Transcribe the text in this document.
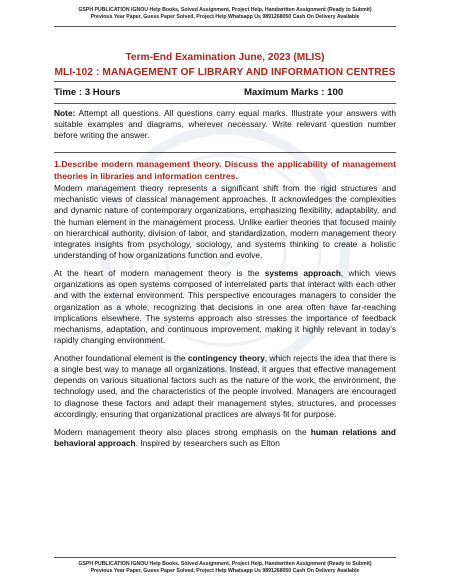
GSPH PUBLICATION IGNOU Help Books, Solved Assignment, Project Help, Handwritten Assignment (Ready to Submit)
Previous Year Paper, Guess Paper Solved, Project Help Whatsapp Us 9891268050 Cash On Delivery Available
Term-End Examination June, 2023 (MLIS)
MLI-102 : MANAGEMENT OF LIBRARY AND INFORMATION CENTRES
Time : 3 Hours	Maximum Marks : 100
Note: Attempt all questions. All questions carry equal marks. Illustrate your answers with suitable examples and diagrams, wherever necessary. Write relevant question number before writing the answer.
1.Describe modern management theory. Discuss the applicability of management theories in libraries and information centres.

Modern management theory represents a significant shift from the rigid structures and mechanistic views of classical management approaches. It acknowledges the complexities and dynamic nature of contemporary organizations, emphasizing flexibility, adaptability, and the human element in the management process. Unlike earlier theories that focused mainly on hierarchical authority, division of labor, and standardization, modern management theory integrates insights from psychology, sociology, and systems thinking to create a holistic understanding of how organizations function and evolve.

At the heart of modern management theory is the systems approach, which views organizations as open systems composed of interrelated parts that interact with each other and with the external environment. This perspective encourages managers to consider the organization as a whole, recognizing that decisions in one area often have far-reaching implications elsewhere. The systems approach also stresses the importance of feedback mechanisms, adaptation, and continuous improvement, making it highly relevant in today’s rapidly changing environment.

Another foundational element is the contingency theory, which rejects the idea that there is a single best way to manage all organizations. Instead, it argues that effective management depends on various situational factors such as the nature of the work, the environment, the technology used, and the characteristics of the people involved. Managers are encouraged to diagnose these factors and adapt their management styles, structures, and processes accordingly, ensuring that organizational practices are always fit for purpose.

Modern management theory also places strong emphasis on the human relations and behavioral approach. Inspired by researchers such as Elton

GSPH PUBLICATION IGNOU Help Books, Solved Assignment, Project Help, Handwritten Assignment (Ready to Submit)
Previous Year Paper, Guess Paper Solved, Project Help Whatsapp Us 9891268050 Cash On Delivery Available
